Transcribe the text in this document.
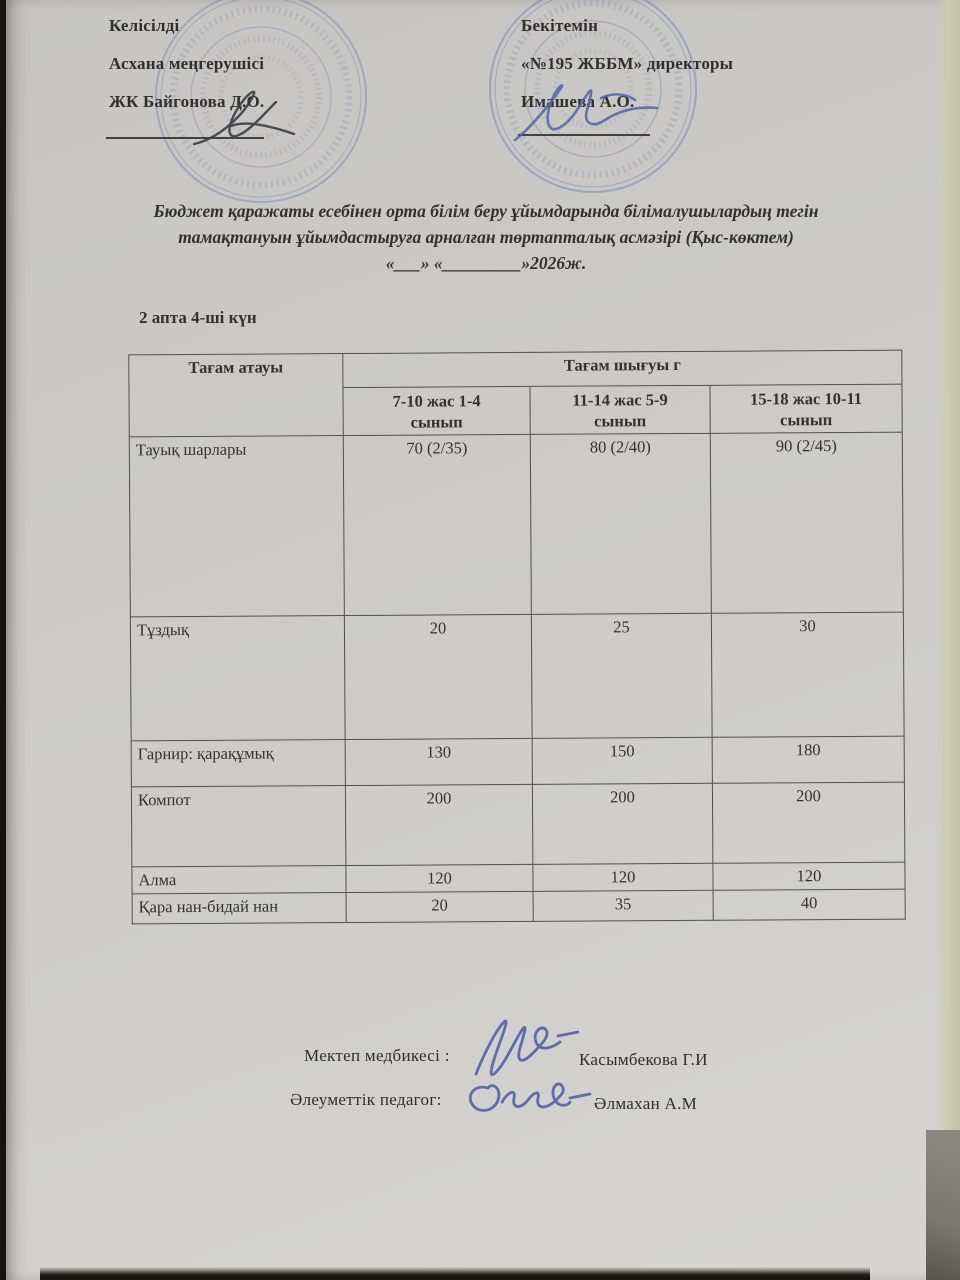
Келісілді
Асхана меңгерушісі
ЖК Байгонова Д.О.
Бекітемін
«№195 ЖББМ» директоры
Имашева А.О.
Бюджет қаражаты есебінен орта білім беру ұйымдарында білімалушылардың тегін
тамақтануын ұйымдастыруға арналған төртапталық асмәзірі (Қыс-көктем)
«___» «_________»2026ж.
2 апта 4-ші күн
Тағам атауы	Тағам шығуы г		
	7-10 жас 1-4
сынып	11-14 жас 5-9
сынып	15-18 жас 10-11
сынып
Тауық шарлары	70 (2/35)	80 (2/40)	90 (2/45)
Тұздық	20	25	30
Гарнир: қарақұмық	130	150	180
Компот	200	200	200
Алма	120	120	120
Қара нан-бидай нан	20	35	40
Мектеп медбикесі :	Касымбекова Г.И
Әлеуметтік педагог:	Әлмахан А.М
